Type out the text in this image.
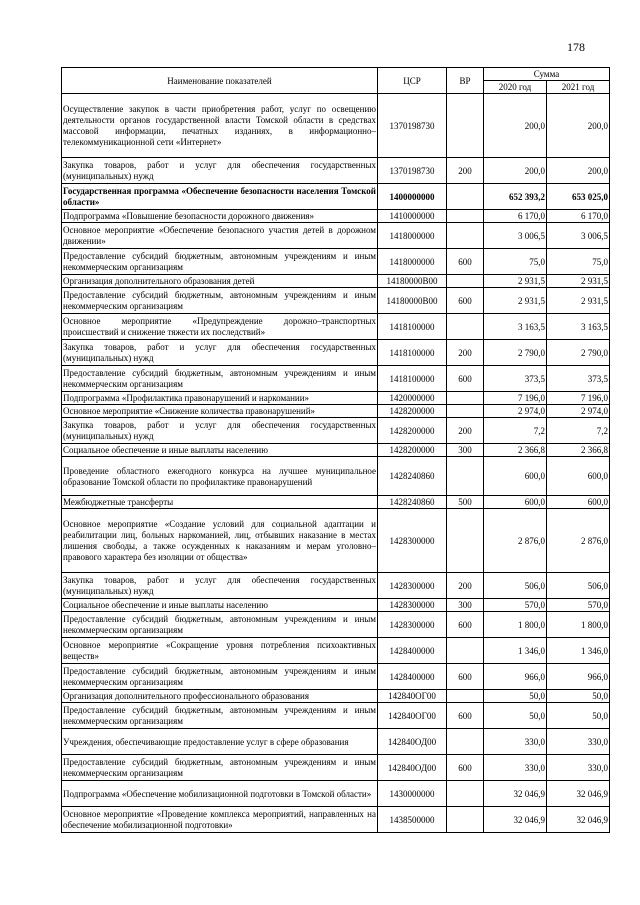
178
Наименование показателей	ЦСР	ВР	Сумма	
			2020 год	2021 год
Осуществление закупок в части приобретения работ, услуг по освещению деятельности органов государственной власти Томской области в средствах массовой информации, печатных изданиях, в информационно–телекоммуникационной сети «Интернет»	1370198730		200,0	200,0
Закупка товаров, работ и услуг для обеспечения государственных (муниципальных) нужд	1370198730	200	200,0	200,0
Государственная программа «Обеспечение безопасности населения Томской области»	1400000000		652 393,2	653 025,0
Подпрограмма «Повышение безопасности дорожного движения»	1410000000		6 170,0	6 170,0
Основное мероприятие «Обеспечение безопасного участия детей в дорожном движении»	1418000000		3 006,5	3 006,5
Предоставление субсидий бюджетным, автономным учреждениям и иным некоммерческим организациям	1418000000	600	75,0	75,0
Организация дополнительного образования детей	14180000В00		2 931,5	2 931,5
Предоставление субсидий бюджетным, автономным учреждениям и иным некоммерческим организациям	14180000В00	600	2 931,5	2 931,5
Основное мероприятие «Предупреждение дорожно–транспортных происшествий и снижение тяжести их последствий»	1418100000		3 163,5	3 163,5
Закупка товаров, работ и услуг для обеспечения государственных (муниципальных) нужд	1418100000	200	2 790,0	2 790,0
Предоставление субсидий бюджетным, автономным учреждениям и иным некоммерческим организациям	1418100000	600	373,5	373,5
Подпрограмма «Профилактика правонарушений и наркомании»	1420000000		7 196,0	7 196,0
Основное мероприятие «Снижение количества правонарушений»	1428200000		2 974,0	2 974,0
Закупка товаров, работ и услуг для обеспечения государственных (муниципальных) нужд	1428200000	200	7,2	7,2
Социальное обеспечение и иные выплаты населению	1428200000	300	2 366,8	2 366,8
Проведение областного ежегодного конкурса на лучшее муниципальное образование Томской области по профилактике правонарушений	1428240860		600,0	600,0
Межбюджетные трансферты	1428240860	500	600,0	600,0
Основное мероприятие «Создание условий для социальной адаптации и реабилитации лиц, больных наркоманией, лиц, отбывших наказание в местах лишения свободы, а также осужденных к наказаниям и мерам уголовно–правового характера без изоляции от общества»	1428300000		2 876,0	2 876,0
Закупка товаров, работ и услуг для обеспечения государственных (муниципальных) нужд	1428300000	200	506,0	506,0
Социальное обеспечение и иные выплаты населению	1428300000	300	570,0	570,0
Предоставление субсидий бюджетным, автономным учреждениям и иным некоммерческим организациям	1428300000	600	1 800,0	1 800,0
Основное мероприятие «Сокращение уровня потребления психоактивных веществ»	1428400000		1 346,0	1 346,0
Предоставление субсидий бюджетным, автономным учреждениям и иным некоммерческим организациям	1428400000	600	966,0	966,0
Организация дополнительного профессионального образования	142840ОГ00		50,0	50,0
Предоставление субсидий бюджетным, автономным учреждениям и иным некоммерческим организациям	142840ОГ00	600	50,0	50,0
Учреждения, обеспечивающие предоставление услуг в сфере образования	142840ОД00		330,0	330,0
Предоставление субсидий бюджетным, автономным учреждениям и иным некоммерческим организациям	142840ОД00	600	330,0	330,0
Подпрограмма «Обеспечение мобилизационной подготовки в Томской области»	1430000000		32 046,9	32 046,9
Основное мероприятие «Проведение комплекса мероприятий, направленных на обеспечение мобилизационной подготовки»	1438500000		32 046,9	32 046,9
